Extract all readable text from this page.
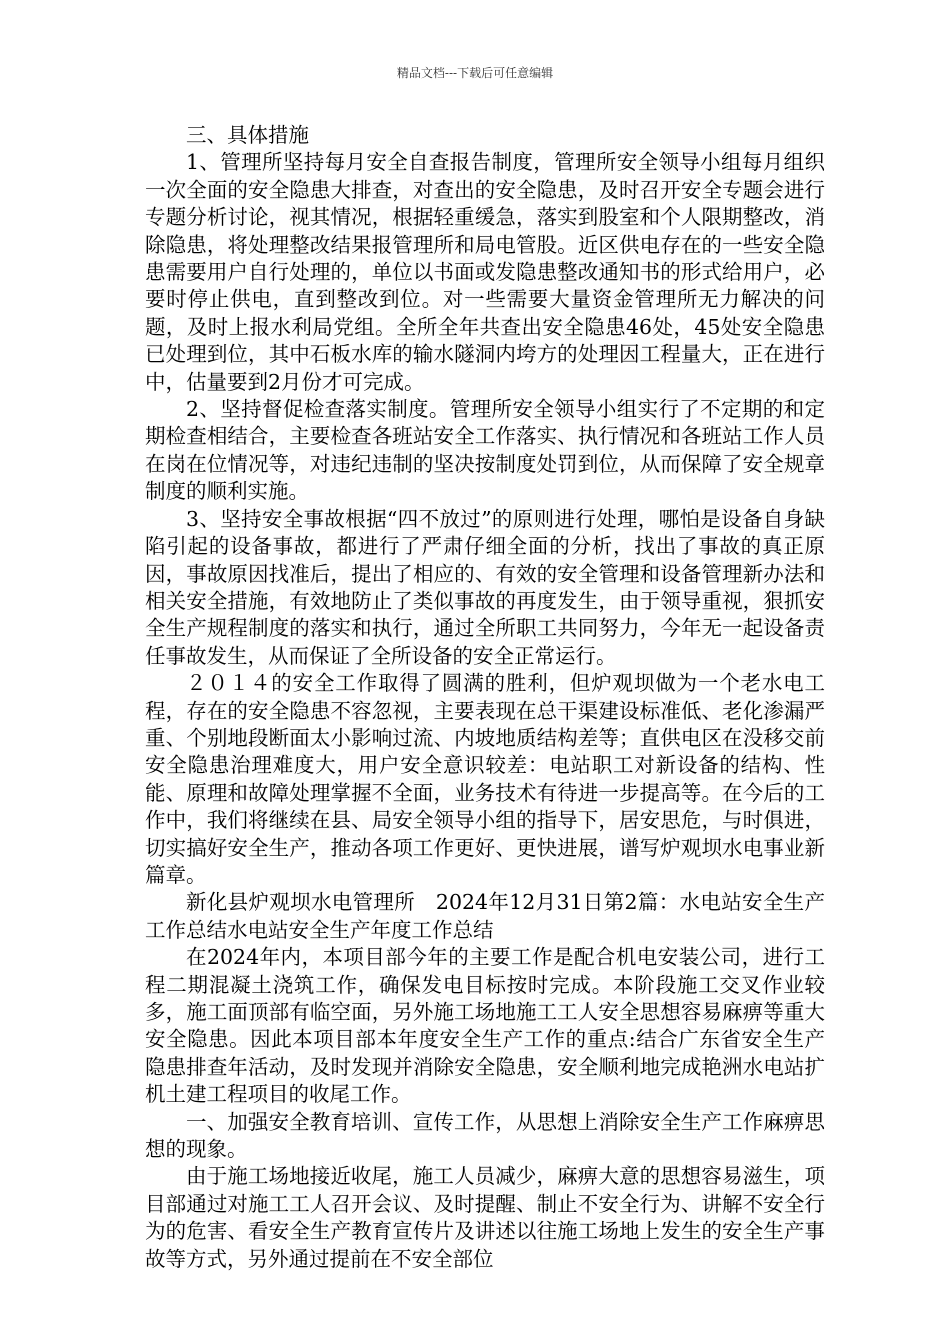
精品文档---下载后可任意编辑

三、具体措施

1、管理所坚持每月安全自查报告制度，管理所安全领导小组每月组织一次全面的安全隐患大排查，对查出的安全隐患，及时召开安全专题会进行专题分析讨论，视其情况，根据轻重缓急，落实到股室和个人限期整改，消除隐患，将处理整改结果报管理所和局电管股。近区供电存在的一些安全隐患需要用户自行处理的，单位以书面或发隐患整改通知书的形式给用户，必要时停止供电，直到整改到位。对一些需要大量资金管理所无力解决的问题，及时上报水利局党组。全所全年共查出安全隐患46处，45处安全隐患已处理到位，其中石板水库的输水隧洞内垮方的处理因工程量大，正在进行中，估量要到2月份才可完成。

2、坚持督促检查落实制度。管理所安全领导小组实行了不定期的和定期检查相结合，主要检查各班站安全工作落实、执行情况和各班站工作人员在岗在位情况等，对违纪违制的坚决按制度处罚到位，从而保障了安全规章制度的顺利实施。

3、坚持安全事故根据“四不放过”的原则进行处理，哪怕是设备自身缺陷引起的设备事故，都进行了严肃仔细全面的分析，找出了事故的真正原因，事故原因找准后，提出了相应的、有效的安全管理和设备管理新办法和相关安全措施，有效地防止了类似事故的再度发生，由于领导重视，狠抓安全生产规程制度的落实和执行，通过全所职工共同努力，今年无一起设备责任事故发生，从而保证了全所设备的安全正常运行。

２０１４的安全工作取得了圆满的胜利，但炉观坝做为一个老水电工程，存在的安全隐患不容忽视，主要表现在总干渠建设标准低、老化渗漏严重、个别地段断面太小影响过流、内坡地质结构差等；直供电区在没移交前安全隐患治理难度大，用户安全意识较差：电站职工对新设备的结构、性能、原理和故障处理掌握不全面，业务技术有待进一步提高等。在今后的工作中，我们将继续在县、局安全领导小组的指导下，居安思危，与时俱进，切实搞好安全生产，推动各项工作更好、更快进展，谱写炉观坝水电事业新篇章。

新化县炉观坝水电管理所　2024年12月31日第2篇：水电站安全生产工作总结水电站安全生产年度工作总结

在2024年内，本项目部今年的主要工作是配合机电安装公司，进行工程二期混凝土浇筑工作，确保发电目标按时完成。本阶段施工交叉作业较多，施工面顶部有临空面，另外施工场地施工工人安全思想容易麻痹等重大安全隐患。因此本项目部本年度安全生产工作的重点:结合广东省安全生产隐患排查年活动，及时发现并消除安全隐患，安全顺利地完成艳洲水电站扩机土建工程项目的收尾工作。

一、加强安全教育培训、宣传工作，从思想上消除安全生产工作麻痹思想的现象。

由于施工场地接近收尾，施工人员减少，麻痹大意的思想容易滋生，项目部通过对施工工人召开会议、及时提醒、制止不安全行为、讲解不安全行为的危害、看安全生产教育宣传片及讲述以往施工场地上发生的安全生产事故等方式，另外通过提前在不安全部位
